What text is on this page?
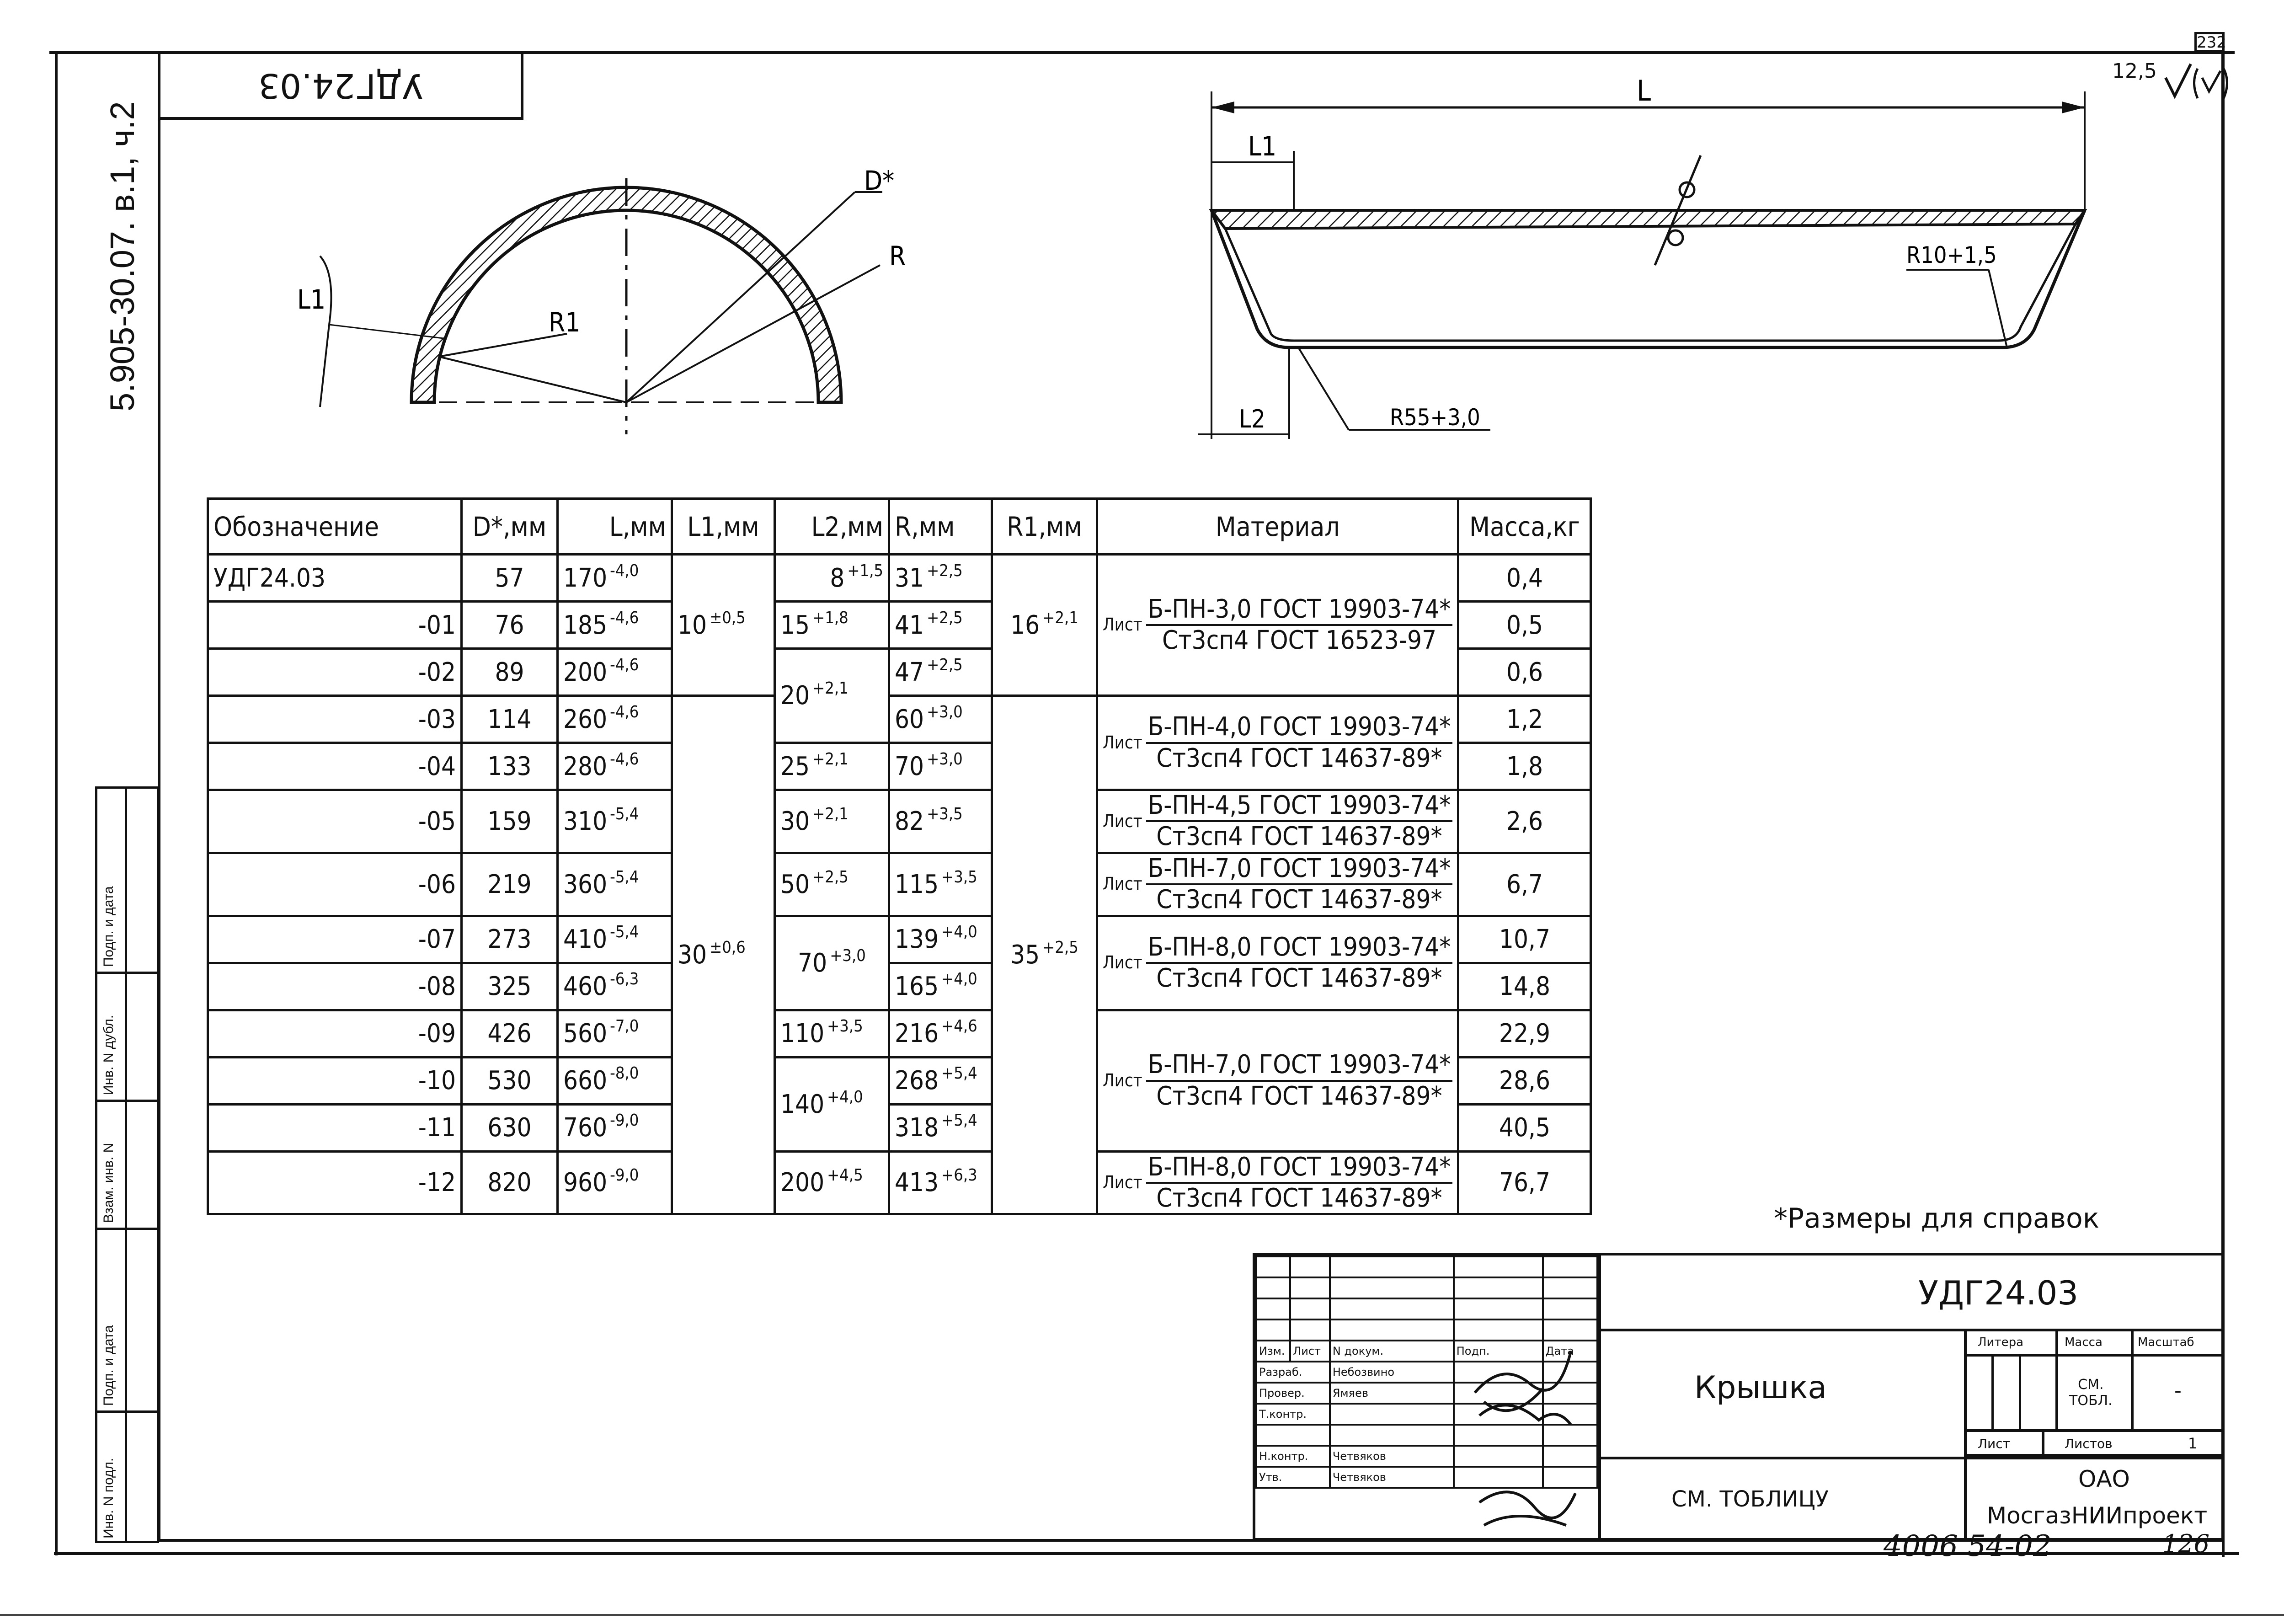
232
5.905-30.07. в.1, ч.2
УДГ24.03	12,5
D*
R
R1
L1
L
L1
R10+1,5
R55+3,0
L2
Обозначение	D*,мм	L,мм	L1,мм	L2,мм	R,мм	R1,мм	Материал	Масса,кг
УДГ24.03	57	170 $^{-4,0}$	10 $^{\pm 0,5}$	8 $^{+1,5}$	31 $^{+2,5}$	16 $^{+2,1}$	Лист $\frac{\text{Б-ПН-3,0 ГОСТ 19903-74*}}{\text{Ст3сп4 ГОСТ 16523-97}}$	0,4
-01	76	185 $^{-4,6}$		15 $^{+1,8}$	41 $^{+2,5}$			0,5
-02	89	200 $^{-4,6}$		20 $^{+2,1}$	47 $^{+2,5}$			0,6
-03	114	260 $^{-4,6}$	30 $^{\pm 0,6}$		60 $^{+3,0}$	35 $^{+2,5}$	Лист $\frac{\text{Б-ПН-4,0 ГОСТ 19903-74*}}{\text{Ст3сп4 ГОСТ 14637-89*}}$	1,2
-04	133	280 $^{-4,6}$		25 $^{+2,1}$	70 $^{+3,0}$			1,8
-05	159	310 $^{-5,4}$		30 $^{+2,1}$	82 $^{+3,5}$		Лист $\frac{\text{Б-ПН-4,5 ГОСТ 19903-74*}}{\text{Ст3сп4 ГОСТ 14637-89*}}$	2,6
-06	219	360 $^{-5,4}$		50 $^{+2,5}$	115 $^{+3,5}$		Лист $\frac{\text{Б-ПН-7,0 ГОСТ 19903-74*}}{\text{Ст3сп4 ГОСТ 14637-89*}}$	6,7
-07	273	410 $^{-5,4}$		70 $^{+3,0}$	139 $^{+4,0}$		Лист $\frac{\text{Б-ПН-8,0 ГОСТ 19903-74*}}{\text{Ст3сп4 ГОСТ 14637-89*}}$	10,7
-08	325	460 $^{-6,3}$			165 $^{+4,0}$			14,8
-09	426	560 $^{-7,0}$		110 $^{+3,5}$	216 $^{+4,6}$		Лист $\frac{\text{Б-ПН-7,0 ГОСТ 19903-74*}}{\text{Ст3сп4 ГОСТ 14637-89*}}$	22,9
-10	530	660 $^{-8,0}$		140 $^{+4,0}$	268 $^{+5,4}$			28,6
-11	630	760 $^{-9,0}$			318 $^{+5,4}$			40,5
-12	820	960 $^{-9,0}$		200 $^{+4,5}$	413 $^{+6,3}$		Лист $\frac{\text{Б-ПН-8,0 ГОСТ 19903-74*}}{\text{Ст3сп4 ГОСТ 14637-89*}}$	76,7
*Размеры для справок
Подп. и дата
Инв. N дубл.
Взам. инв. N
Подп. и дата
Инв. N подл.

Изм.	Лист	N докум.	Подп.	Дата
Разраб.		Небозвино		
Провер.		Ямяев		
Т.контр.				

Н.контр.		Четвяков		
Утв.		Четвяков		
УДГ24.03
Крышка
СМ. ТОБЛИЦУ
Литера	Масса	Масштаб
СМ.
ТОБЛ.	-
Лист	Листов	1
ОАО
МосгазНИИпроект
4006 54-02	126
